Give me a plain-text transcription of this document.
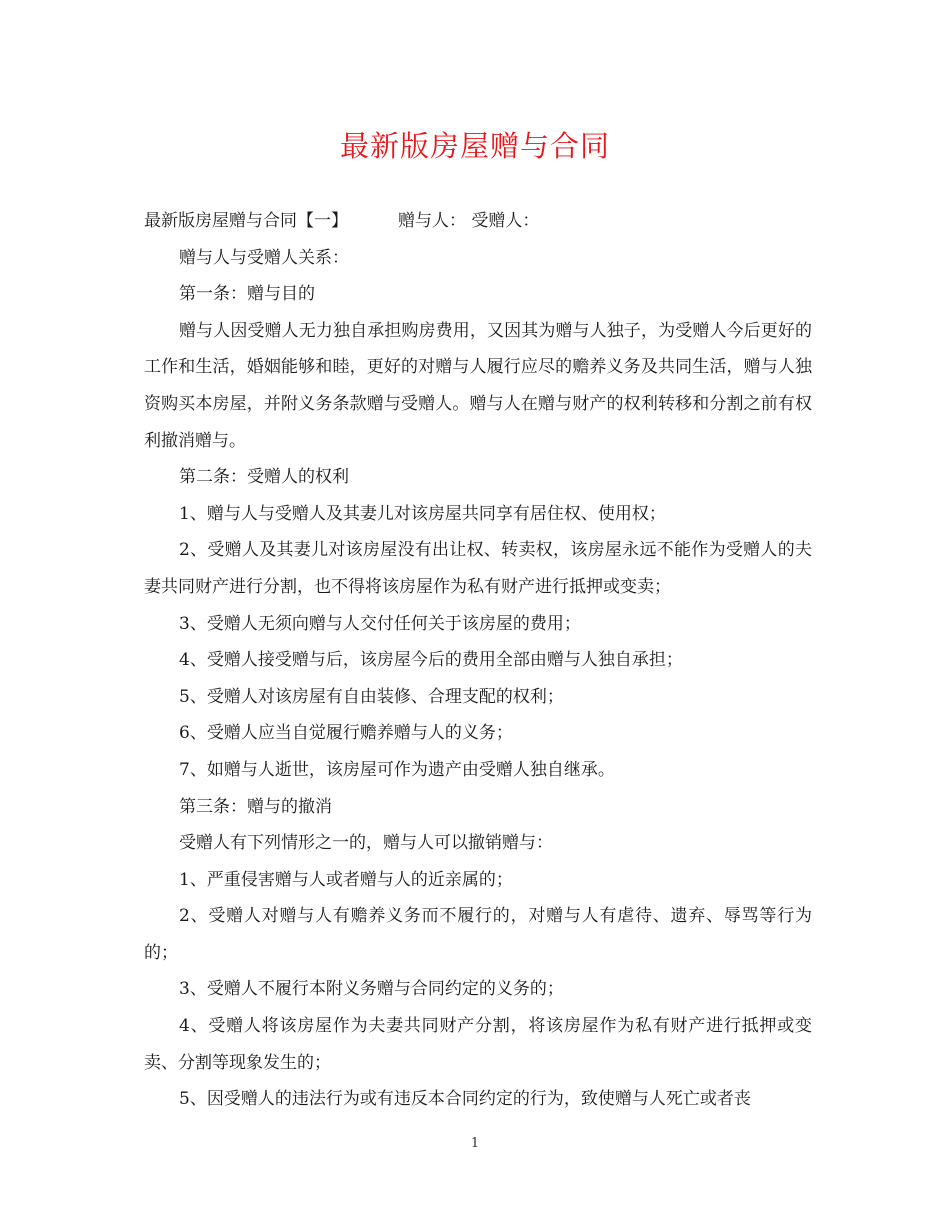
最新版房屋赠与合同

最新版房屋赠与合同【一】	赠与人： 受赠人：

赠与人与受赠人关系：

第一条：赠与目的

赠与人因受赠人无力独自承担购房费用，又因其为赠与人独子，为受赠人今后更好的工作和生活，婚姻能够和睦，更好的对赠与人履行应尽的赡养义务及共同生活，赠与人独资购买本房屋，并附义务条款赠与受赠人。赠与人在赠与财产的权利转移和分割之前有权利撤消赠与。

第二条：受赠人的权利

1、赠与人与受赠人及其妻儿对该房屋共同享有居住权、使用权；

2、受赠人及其妻儿对该房屋没有出让权、转卖权，该房屋永远不能作为受赠人的夫妻共同财产进行分割，也不得将该房屋作为私有财产进行抵押或变卖；

3、受赠人无须向赠与人交付任何关于该房屋的费用；

4、受赠人接受赠与后，该房屋今后的费用全部由赠与人独自承担；

5、受赠人对该房屋有自由装修、合理支配的权利；

6、受赠人应当自觉履行赡养赠与人的义务；

7、如赠与人逝世，该房屋可作为遗产由受赠人独自继承。

第三条：赠与的撤消

受赠人有下列情形之一的，赠与人可以撤销赠与：

1、严重侵害赠与人或者赠与人的近亲属的；

2、受赠人对赠与人有赡养义务而不履行的，对赠与人有虐待、遗弃、辱骂等行为的；

3、受赠人不履行本附义务赠与合同约定的义务的；

4、受赠人将该房屋作为夫妻共同财产分割，将该房屋作为私有财产进行抵押或变卖、分割等现象发生的；

5、因受赠人的违法行为或有违反本合同约定的行为，致使赠与人死亡或者丧

1
